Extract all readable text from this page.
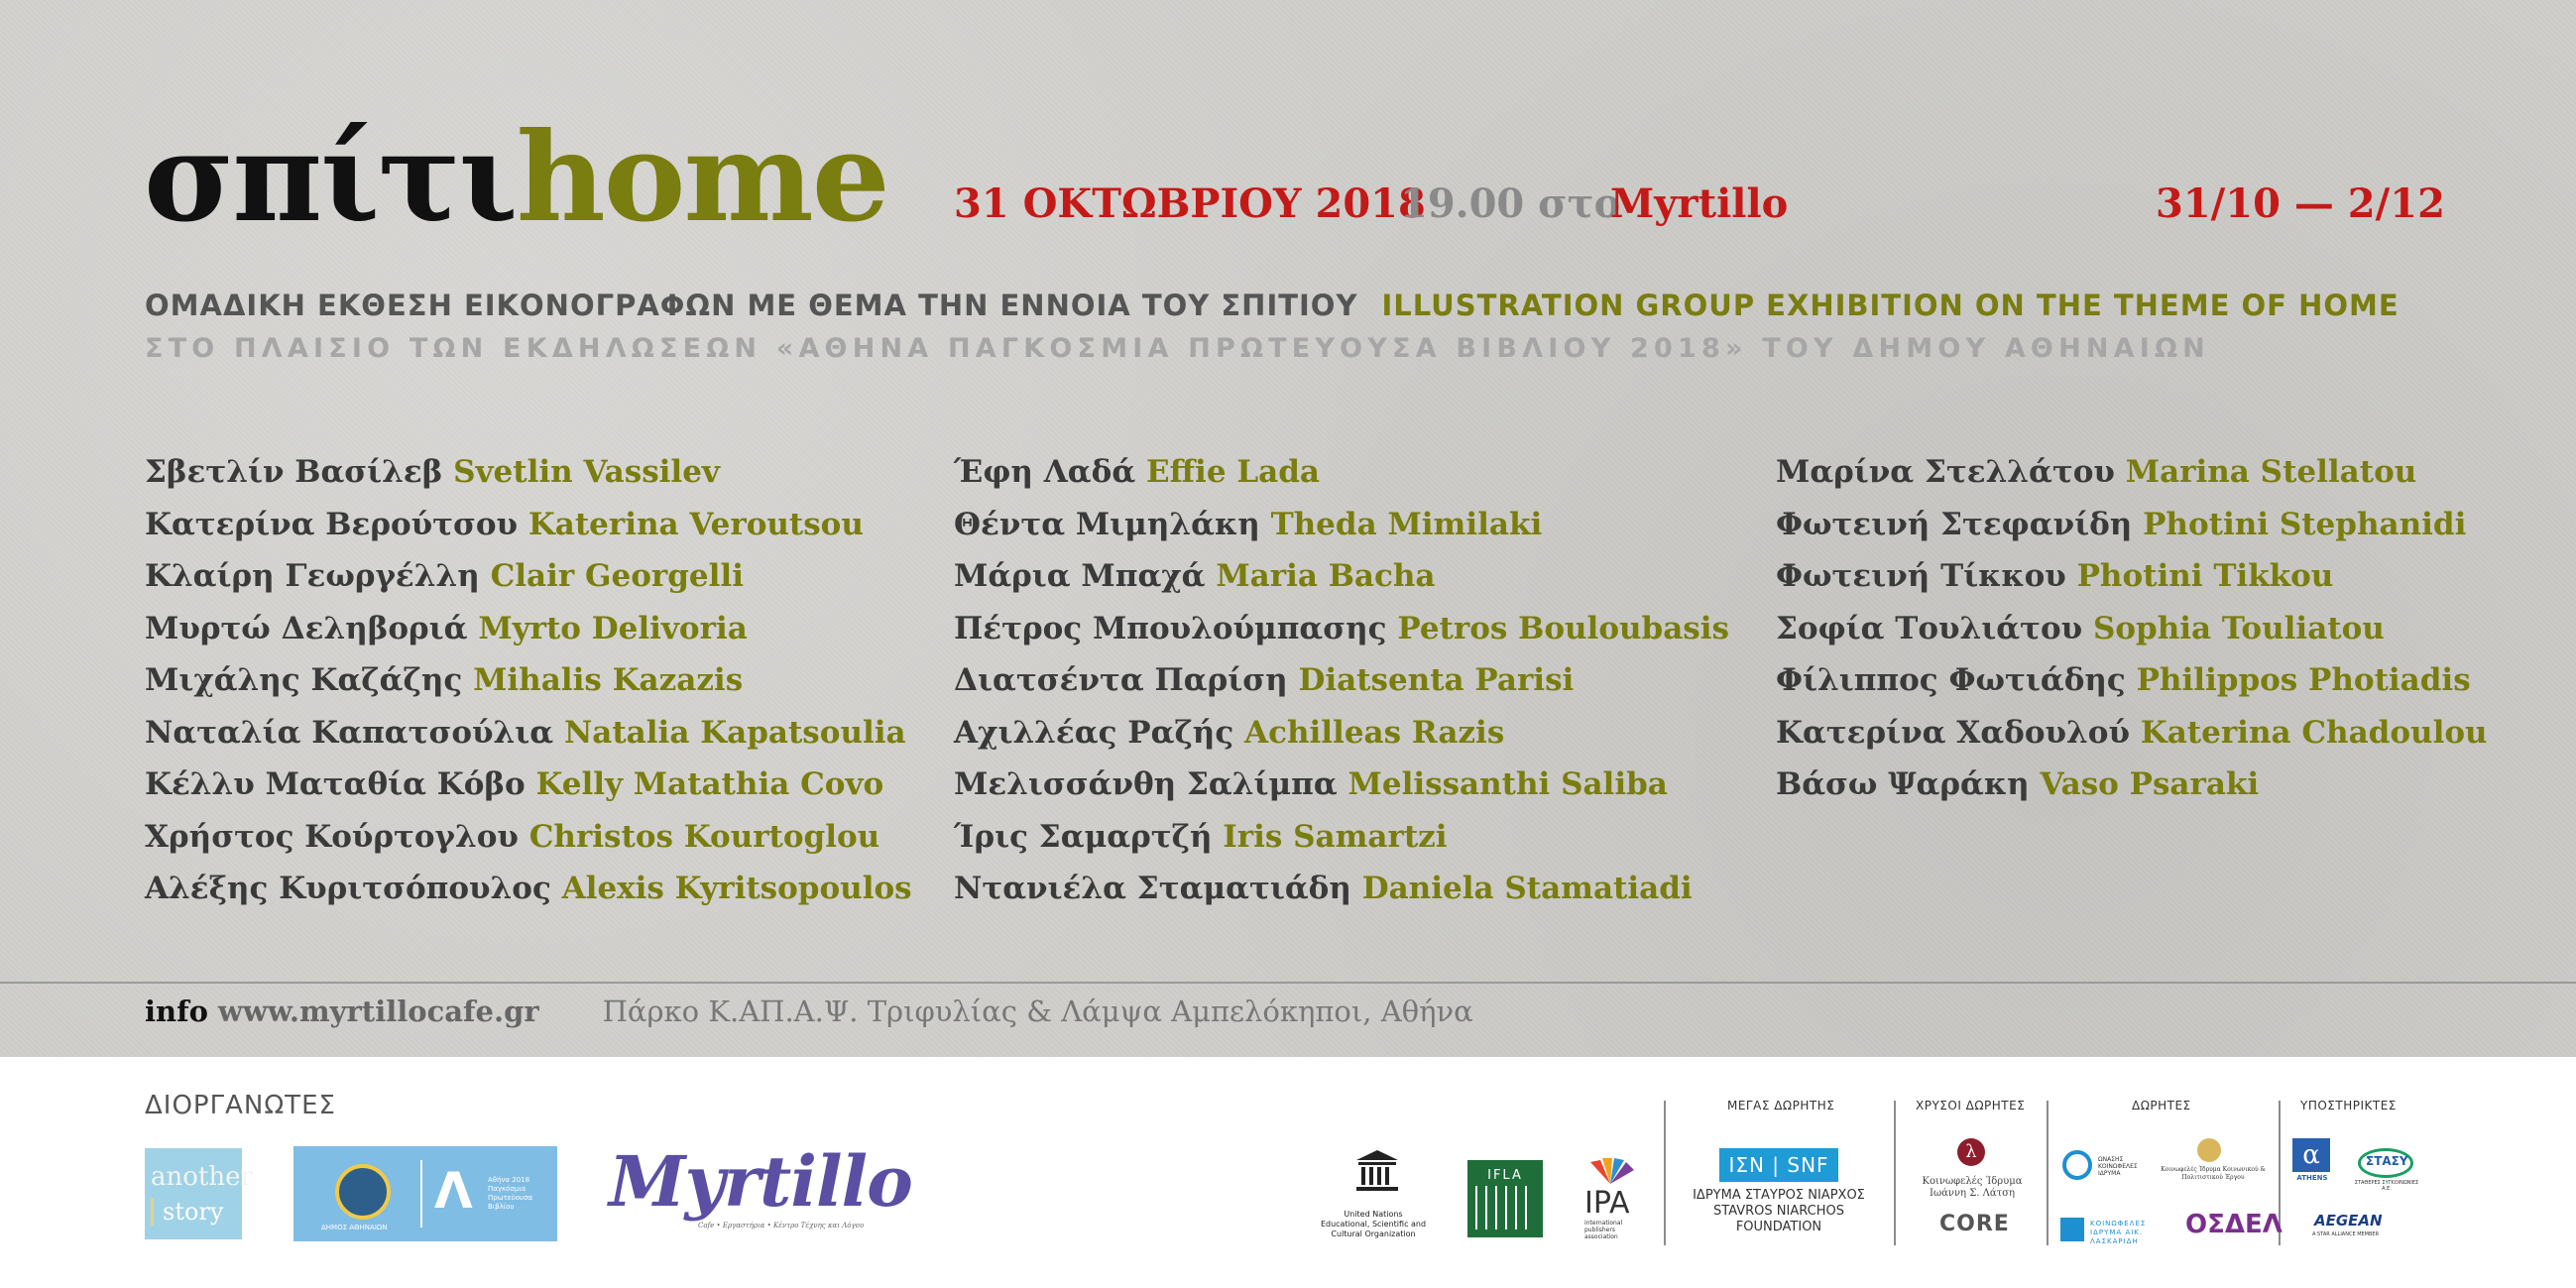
σπίτιhome 31 ΟΚΤΩΒΡΙΟΥ 2018
19.00 στο
Myrtillo	31/10 — 2/12
ΟΜΑΔΙΚΗ ΕΚΘΕΣΗ ΕΙΚΟΝΟΓΡΑΦΩΝ ΜΕ ΘΕΜΑ ΤΗΝ ΕΝΝΟΙΑ ΤΟΥ ΣΠΙΤΙΟΥ ILLUSTRATION GROUP EXHIBITION ON THE THEME OF HOME
ΣΤΟ ΠΛΑΙΣΙΟ ΤΩΝ ΕΚΔΗΛΩΣΕΩΝ «ΑΘΗΝΑ ΠΑΓΚΟΣΜΙΑ ΠΡΩΤΕΥΟΥΣΑ ΒΙΒΛΙΟΥ 2018» ΤΟΥ ΔΗΜΟΥ ΑΘΗΝΑΙΩΝ
Σβετλίν Βασίλεβ Svetlin Vassilev
Κατερίνα Βερούτσου Katerina Veroutsou
Κλαίρη Γεωργέλλη Clair Georgelli
Μυρτώ Δεληβοριά Myrto Delivoria
Μιχάλης Καζάζης Mihalis Kazazis
Ναταλία Καπατσούλια Natalia Kapatsoulia
Κέλλυ Ματαθία Κόβο Kelly Matathia Covo
Χρήστος Κούρτογλου Christos Kourtoglou
Αλέξης Κυριτσόπουλος Alexis Kyritsopoulos
Έφη Λαδά Effie Lada
Θέντα Μιμηλάκη Theda Mimilaki
Μάρια Μπαχά Maria Bacha
Πέτρος Μπουλούμπασης Petros Bouloubasis
Διατσέντα Παρίση Diatsenta Parisi
Αχιλλέας Ραζής Achilleas Razis
Μελισσάνθη Σαλίμπα Melissanthi Saliba
Ίρις Σαμαρτζή Iris Samartzi
Ντανιέλα Σταματιάδη Daniela Stamatiadi
Μαρίνα Στελλάτου Marina Stellatou
Φωτεινή Στεφανίδη Photini Stephanidi
Φωτεινή Τίκκου Photini Tikkou
Σοφία Τουλιάτου Sophia Touliatou
Φίλιππος Φωτιάδης Philippos Photiadis
Κατερίνα Χαδουλού Katerina Chadoulou
Βάσω Ψαράκη Vaso Psaraki
info www.myrtillocafe.gr Πάρκο Κ.ΑΠ.Α.Ψ. Τριφυλίας & Λάμψα Αμπελόκηποι, Αθήνα
ΔΙΟΡΓΑΝΩΤΕΣ
another
story
ΔΗΜΟΣ ΑΘΗΝΑΙΩΝ
Λ Αθήνα 2018 Παγκόσμια Πρωτεύουσα Βιβλίου	Myrtillo
Cafe • Εργαστήρια • Κέντρο Τέχνης και Λόγου
United Nations Educational, Scientific and Cultural Organization
IFLA
IPA
international publishers association
ΜΕΓΑΣ ΔΩΡΗΤΗΣ	ΧΡΥΣΟΙ ΔΩΡΗΤΕΣ	ΔΩΡΗΤΕΣ	ΥΠΟΣΤΗΡΙΚΤΕΣ
ΙΣΝ | SNF
ΙΔΡΥΜΑ ΣΤΑΥΡΟΣ ΝΙΑΡΧΟΣ STAVROS NIARCHOS FOUNDATION
λ
Κοινωφελές Ίδρυμα Ιωάννη Σ. Λάτση
CORE
ΩΝΑΣΗΣ ΚΟΙΝΩΦΕΛΕΣ ΙΔΡΥΜΑ
Κοινωφελές Ίδρυμα Κοινωνικού & Πολιτιστικού Έργου
ΚΟΙΝΩΦΕΛΕΣ ΙΔΡΥΜΑ ΑΙΚ. ΛΑΣΚΑΡΙΔΗ
ΟΣΔΕΛ
α
ATHENS
ΣΤΑΣΥ
ΣΤΑΘΕΡΕΣ ΣΥΓΚΟΙΝΩΝΙΕΣ Α.Ε.
AEGEAN
A STAR ALLIANCE MEMBER
